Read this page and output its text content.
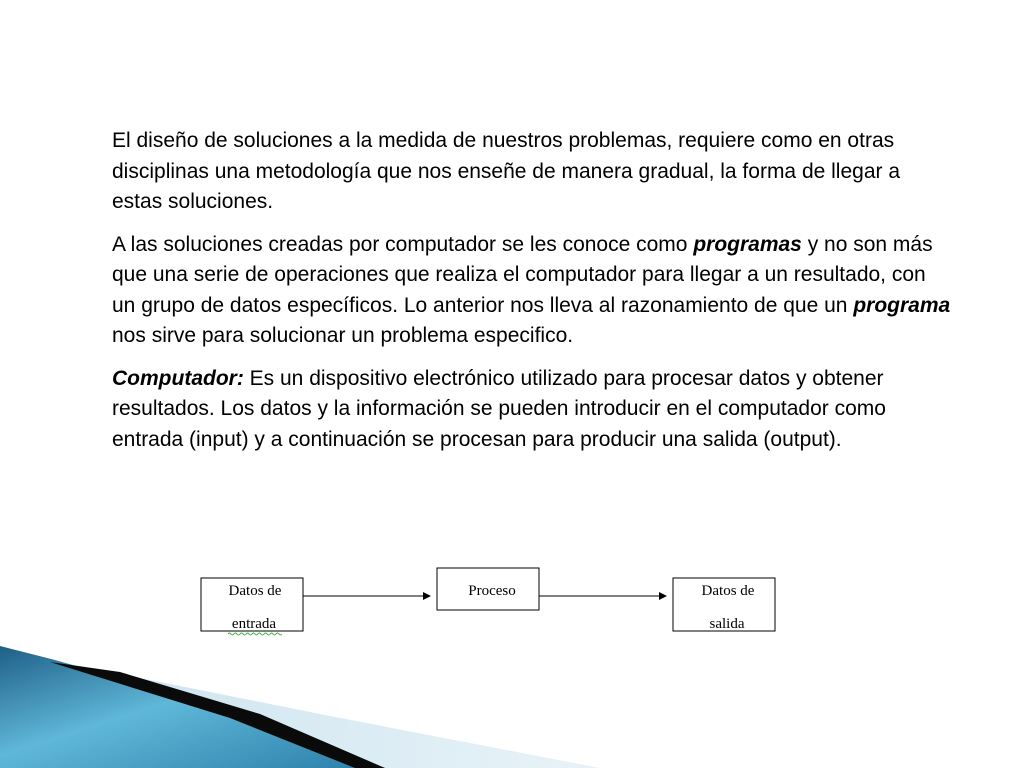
El diseño de soluciones a la medida de nuestros problemas, requiere como en otras disciplinas una metodología que nos enseñe de manera gradual, la forma de llegar a estas soluciones.

A las soluciones creadas por computador se les conoce como programas y no son más que una serie de operaciones que realiza el computador para llegar a un resultado, con un grupo de datos específicos. Lo anterior nos lleva al razonamiento de que un programa nos sirve para solucionar un problema especifico.

Computador: Es un dispositivo electrónico utilizado para procesar datos y obtener resultados. Los datos y la información se pueden introducir en el computador como entrada (input) y a continuación se procesan para producir una salida (output).

Datos de
entrada
Proceso	Datos de
salida
